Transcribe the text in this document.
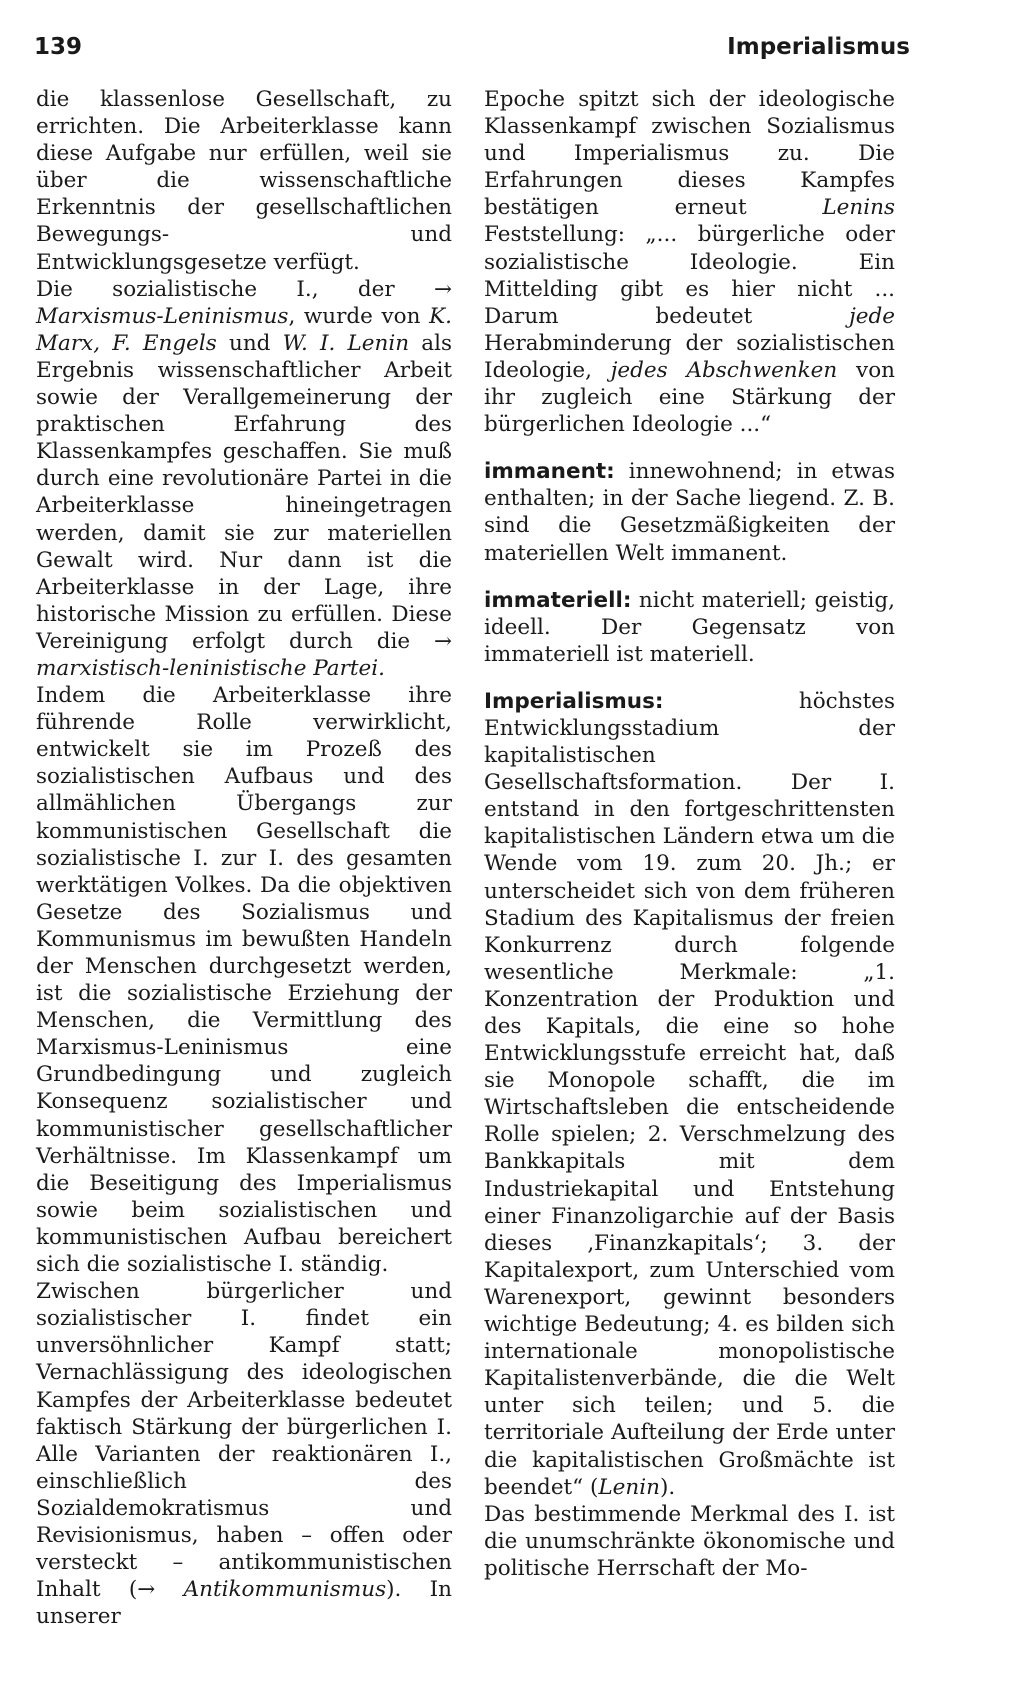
139	Imperialismus

die klassenlose Gesellschaft, zu errichten. Die Arbeiterklasse kann diese Aufgabe nur erfüllen, weil sie über die wissenschaftliche Erkenntnis der gesellschaftlichen Bewegungs- und Entwicklungsgesetze verfügt.

Die sozialistische I., der → Marxismus-Leninismus, wurde von K. Marx, F. Engels und W. I. Lenin als Ergebnis wissenschaftlicher Arbeit sowie der Verallgemeinerung der praktischen Erfahrung des Klassenkampfes geschaffen. Sie muß durch eine revolutionäre Partei in die Arbeiterklasse hineingetragen werden, damit sie zur materiellen Gewalt wird. Nur dann ist die Arbeiterklasse in der Lage, ihre historische Mission zu erfüllen. Diese Vereinigung erfolgt durch die → marxistisch-leninistische Partei.

Indem die Arbeiterklasse ihre führende Rolle verwirklicht, entwickelt sie im Prozeß des sozialistischen Aufbaus und des allmählichen Übergangs zur kommunistischen Gesellschaft die sozialistische I. zur I. des gesamten werktätigen Volkes. Da die objektiven Gesetze des Sozialismus und Kommunismus im bewußten Handeln der Menschen durchgesetzt werden, ist die sozialistische Erziehung der Menschen, die Vermittlung des Marxismus-Leninismus eine Grundbedingung und zugleich Konsequenz sozialistischer und kommunistischer gesellschaftlicher Verhältnisse. Im Klassenkampf um die Beseitigung des Imperialismus sowie beim sozialistischen und kommunistischen Aufbau bereichert sich die sozialistische I. ständig.

Zwischen bürgerlicher und sozialistischer I. findet ein unversöhnlicher Kampf statt; Vernachlässigung des ideologischen Kampfes der Arbeiterklasse bedeutet faktisch Stärkung der bürgerlichen I. Alle Varianten der reaktionären I., einschließlich des Sozialdemokratismus und Revisionismus, haben – offen oder versteckt – antikommunistischen Inhalt (→ Antikommunismus). In unserer

Epoche spitzt sich der ideologische Klassenkampf zwischen Sozialismus und Imperialismus zu. Die Erfahrungen dieses Kampfes bestätigen erneut Lenins Feststellung: „... bürgerliche oder sozialistische Ideologie. Ein Mittelding gibt es hier nicht ... Darum bedeutet jede Herabminderung der sozialistischen Ideologie, jedes Abschwenken von ihr zugleich eine Stärkung der bürgerlichen Ideologie ...“

immanent: innewohnend; in etwas enthalten; in der Sache liegend. Z. B. sind die Gesetzmäßigkeiten der materiellen Welt immanent.

immateriell: nicht materiell; geistig, ideell. Der Gegensatz von immateriell ist materiell.

Imperialismus: höchstes Entwicklungsstadium der kapitalistischen Gesellschaftsformation. Der I. entstand in den fortgeschrittensten kapitalistischen Ländern etwa um die Wende vom 19. zum 20. Jh.; er unterscheidet sich von dem früheren Stadium des Kapitalismus der freien Konkurrenz durch folgende wesentliche Merkmale: „1. Konzentration der Produktion und des Kapitals, die eine so hohe Entwicklungsstufe erreicht hat, daß sie Monopole schafft, die im Wirtschaftsleben die entscheidende Rolle spielen; 2. Verschmelzung des Bankkapitals mit dem Industriekapital und Entstehung einer Finanzoligarchie auf der Basis dieses ‚Finanzkapitals‘; 3. der Kapitalexport, zum Unterschied vom Warenexport, gewinnt besonders wichtige Bedeutung; 4. es bilden sich internationale monopolistische Kapitalistenverbände, die die Welt unter sich teilen; und 5. die territoriale Aufteilung der Erde unter die kapitalistischen Großmächte ist beendet“ (Lenin).

Das bestimmende Merkmal des I. ist die unumschränkte ökonomische und politische Herrschaft der Mo-
